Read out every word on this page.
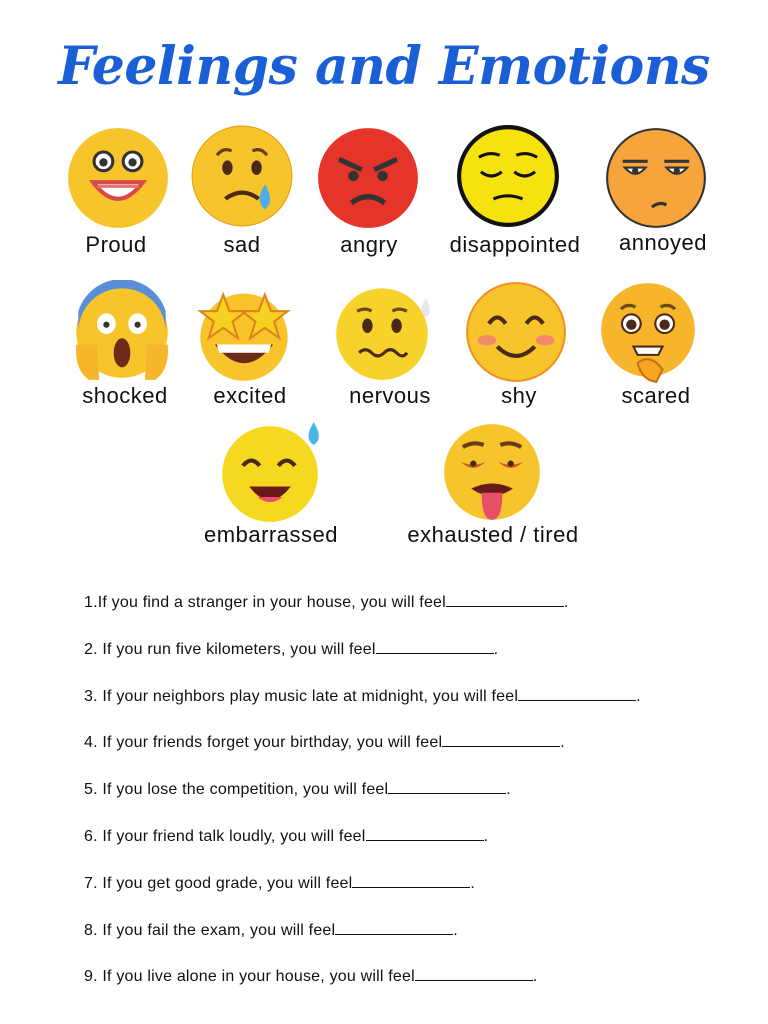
Feelings and Emotions
Proud	sad	angry	disappointed	annoyed
shocked	excited	nervous	shy	scared
embarrassed	exhausted / tired
1.If you find a stranger in your house, you will feel	.
2. If you run five kilometers, you will feel	.
3. If your neighbors play music late at midnight, you will feel	.
4. If your friends forget your birthday, you will feel	.
5. If you lose the competition, you will feel	.
6. If your friend talk loudly, you will feel	.
7. If you get good grade, you will feel	.
8. If you fail the exam, you will feel	.
9. If you live alone in your house, you will feel	.
